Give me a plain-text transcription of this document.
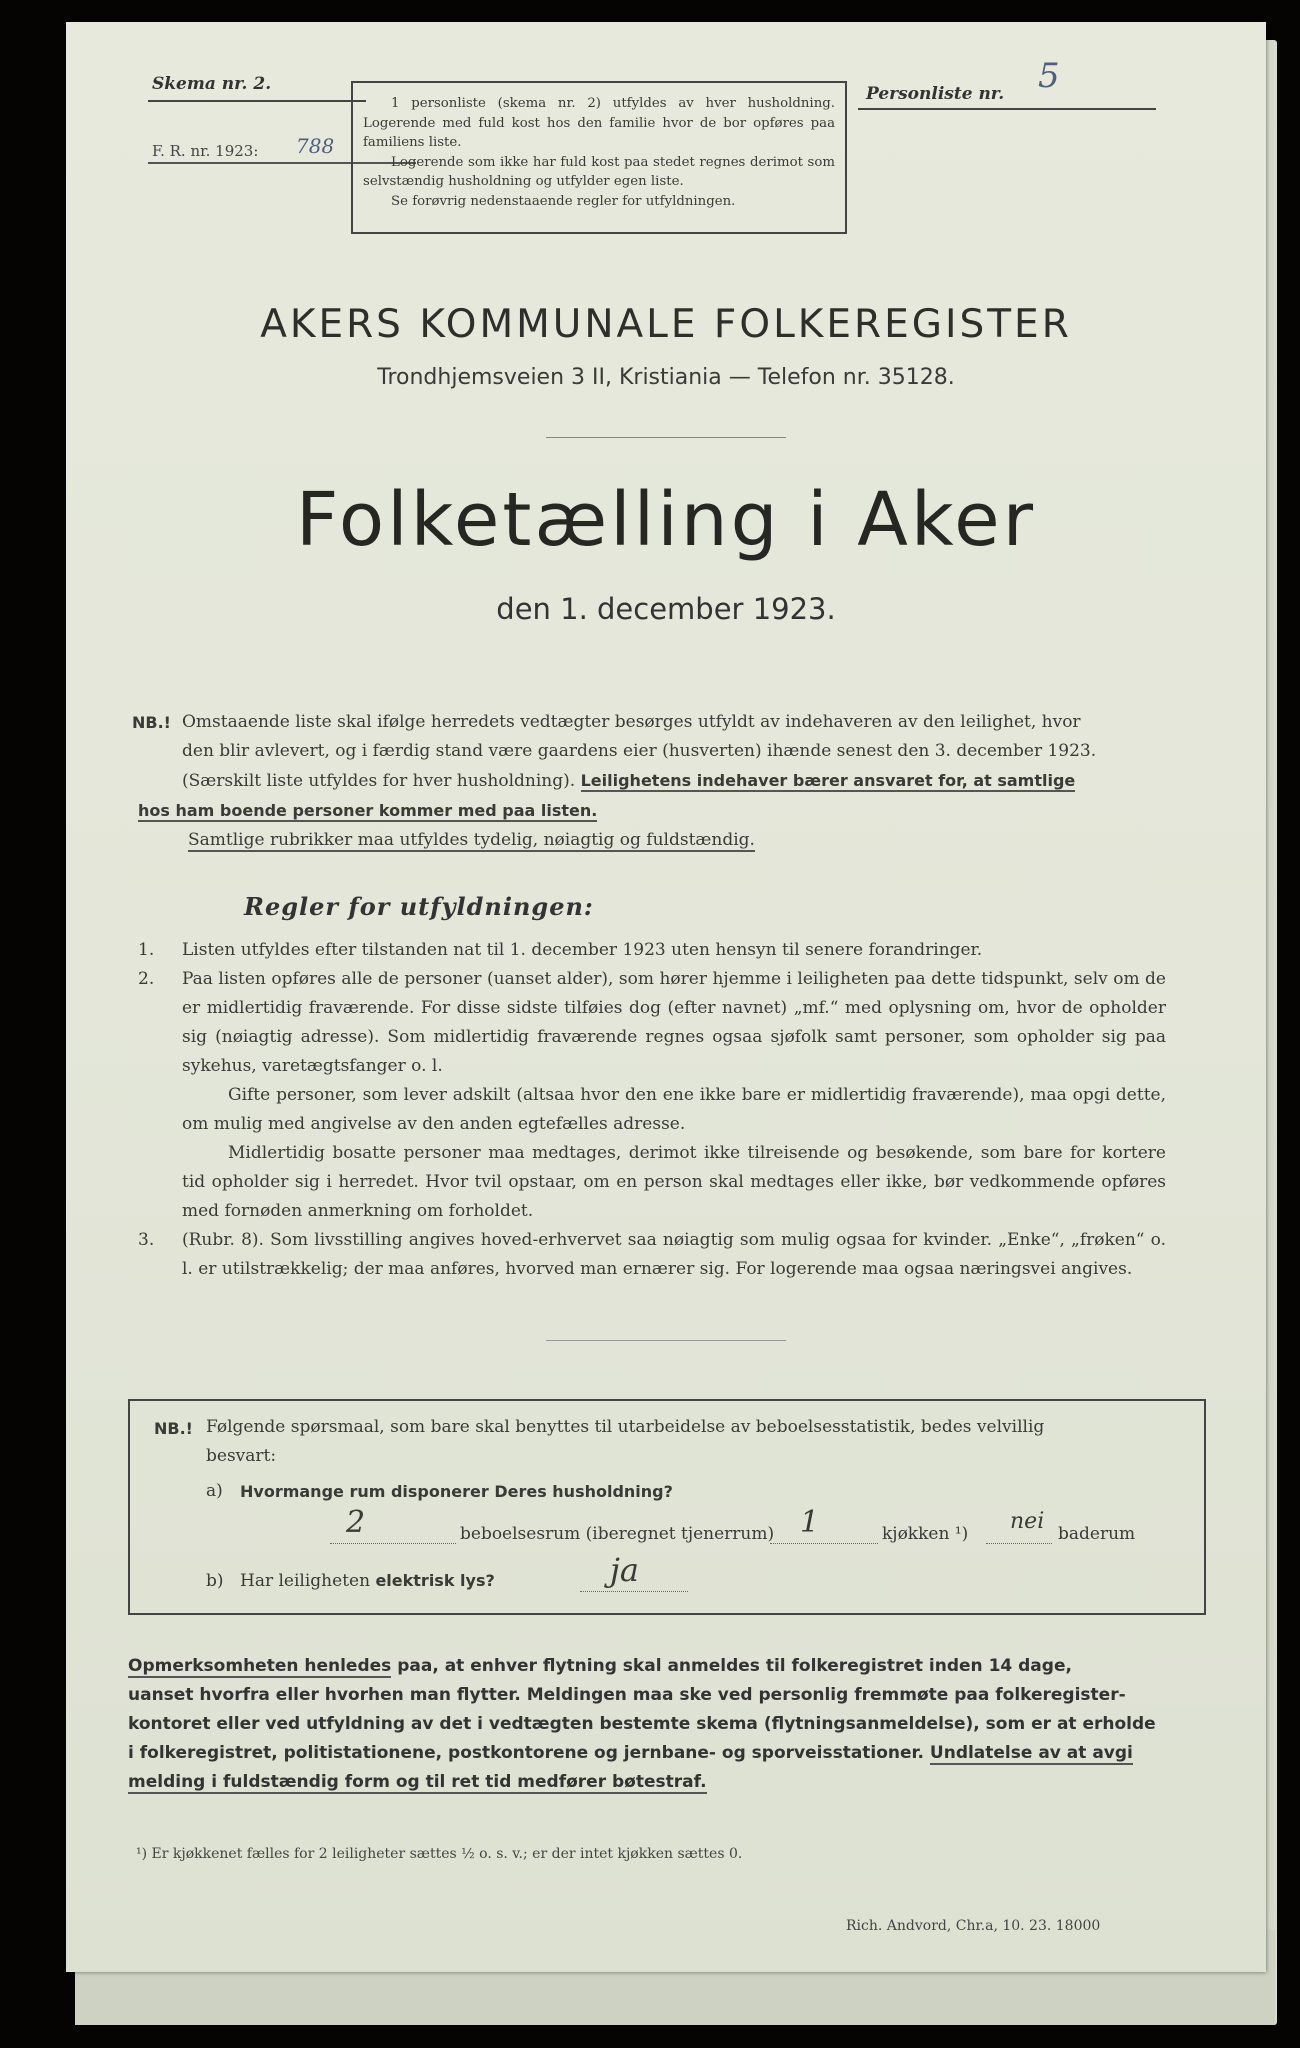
Skema nr. 2.
F. R. nr. 1923: 788

1 personliste (skema nr. 2) utfyldes av hver husholdning. Logerende med fuld kost hos den familie hvor de bor opføres paa familiens liste.

Logerende som ikke har fuld kost paa stedet regnes derimot som selvstændig husholdning og utfylder egen liste.

Se forøvrig nedenstaaende regler for utfyldningen.

Personliste nr. 5
AKERS KOMMUNALE FOLKEREGISTER
Trondhjemsveien 3 II, Kristiania — Telefon nr. 35128.
Folketælling i Aker
den 1. december 1923.
NB.! Omstaaende liste skal ifølge herredets vedtægter besørges utfyldt av indehaveren av den leilighet, hvor
den blir avlevert, og i færdig stand være gaardens eier (husverten) ihænde senest den 3. december 1923.
(Særskilt liste utfyldes for hver husholdning). Leilighetens indehaver bærer ansvaret for, at samtlige
hos ham boende personer kommer med paa listen.
Samtlige rubrikker maa utfyldes tydelig, nøiagtig og fuldstændig.
Regler for utfyldningen:
1. Listen utfyldes efter tilstanden nat til 1. december 1923 uten hensyn til senere forandringer.

2. Paa listen opføres alle de personer (uanset alder), som hører hjemme i leiligheten paa dette tidspunkt, selv om de er midlertidig fraværende. For disse sidste tilføies dog (efter navnet) „mf.“ med oplysning om, hvor de opholder sig (nøiagtig adresse). Som midlertidig fraværende regnes ogsaa sjøfolk samt personer, som opholder sig paa sykehus, varetægtsfanger o. l.

Gifte personer, som lever adskilt (altsaa hvor den ene ikke bare er midlertidig fraværende), maa opgi dette, om mulig med angivelse av den anden egtefælles adresse.

Midlertidig bosatte personer maa medtages, derimot ikke tilreisende og besøkende, som bare for kortere tid opholder sig i herredet. Hvor tvil opstaar, om en person skal medtages eller ikke, bør vedkommende opføres med fornøden anmerkning om forholdet.

3. (Rubr. 8). Som livsstilling angives hoved-erhvervet saa nøiagtig som mulig ogsaa for kvinder. „Enke“, „frøken“ o. l. er utilstrækkelig; der maa anføres, hvorved man ernærer sig. For logerende maa ogsaa næringsvei angives.

NB.! Følgende spørsmaal, som bare skal benyttes til utarbeidelse av beboelsesstatistik, bedes velvillig
besvart:
a) Hvormange rum disponerer Deres husholdning?
2	beboelsesrum (iberegnet tjenerrum) 1	kjøkken ¹) nei baderum
b) Har leiligheten elektrisk lys?	ja
Opmerksomheten henledes paa, at enhver flytning skal anmeldes til folkeregistret inden 14 dage,
uanset hvorfra eller hvorhen man flytter. Meldingen maa ske ved personlig fremmøte paa folkeregister-
kontoret eller ved utfyldning av det i vedtægten bestemte skema (flytningsanmeldelse), som er at erholde
i folkeregistret, politistationene, postkontorene og jernbane- og sporveisstationer. Undlatelse av at avgi
melding i fuldstændig form og til ret tid medfører bøtestraf.
¹) Er kjøkkenet fælles for 2 leiligheter sættes ½ o. s. v.; er der intet kjøkken sættes 0.
Rich. Andvord, Chr.a, 10. 23. 18000
